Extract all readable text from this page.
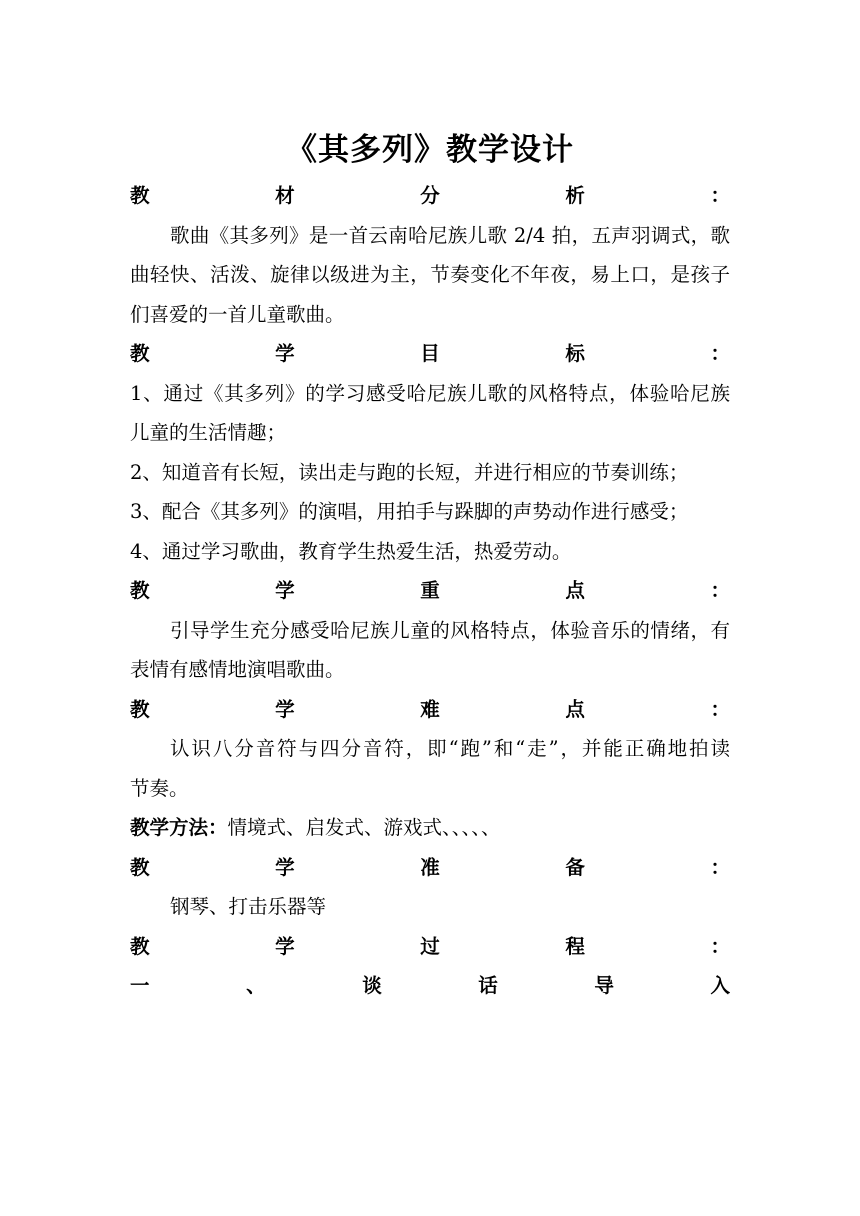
《其多列》教学设计
教材分析：
歌曲《其多列》是一首云南哈尼族儿歌 2/4 拍，五声羽调式，歌
曲轻快、活泼、旋律以级进为主，节奏变化不年夜，易上口，是孩子
们喜爱的一首儿童歌曲。
教学目标：
1、通过《其多列》的学习感受哈尼族儿歌的风格特点，体验哈尼族
儿童的生活情趣；
2、知道音有长短，读出走与跑的长短，并进行相应的节奏训练；
3、配合《其多列》的演唱，用拍手与跺脚的声势动作进行感受；
4、通过学习歌曲，教育学生热爱生活，热爱劳动。
教学重点：
引导学生充分感受哈尼族儿童的风格特点，体验音乐的情绪，有
表情有感情地演唱歌曲。
教学难点：
认识八分音符与四分音符，即“跑”和“走”，并能正确地拍读
节奏。
教学方法：情境式、启发式、游戏式、、、、、
教学准备：
钢琴、打击乐器等
教学过程：
一、谈话导入
